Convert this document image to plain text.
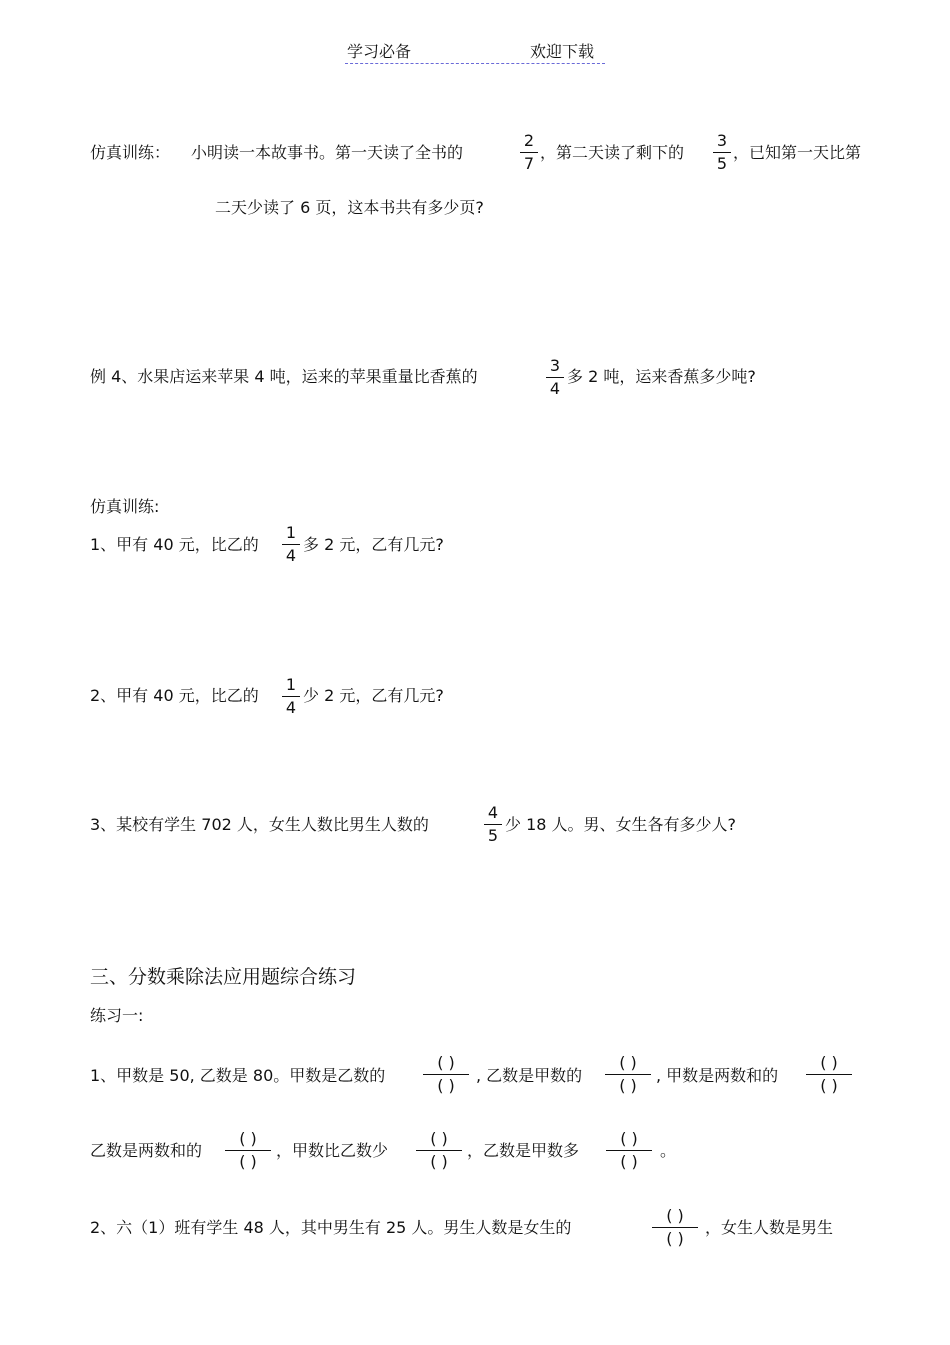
学习必备	欢迎下载
仿真训练： 小明读一本故事书。第一天读了全书的
2
7
，第二天读了剩下的
3
5
，已知第一天比第
二天少读了 6 页，这本书共有多少页?
例 4、水果店运来苹果 4 吨，运来的苹果重量比香蕉的
3
4
多 2 吨，运来香蕉多少吨?
仿真训练:
1、甲有 40 元，比乙的
1
4
多 2 元，乙有几元?
2、甲有 40 元，比乙的
1
4
少 2 元，乙有几元?
3、某校有学生 702 人，女生人数比男生人数的
4
5
少 18 人。男、女生各有多少人?
三、分数乘除法应用题综合练习
练习一:
1、甲数是 50, 乙数是 80。甲数是乙数的
( )
( )
, 乙数是甲数的
( )
( )
, 甲数是两数和的
( )
( )
乙数是两数和的
( )
( )
，甲数比乙数少
( )
( )
，乙数是甲数多
( )
( )
。
2、六（1）班有学生 48 人，其中男生有 25 人。男生人数是女生的
( )
( )
，女生人数是男生
